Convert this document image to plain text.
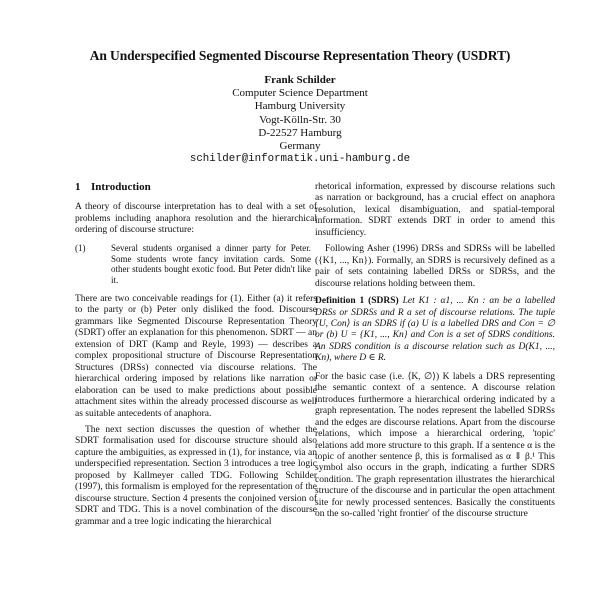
An Underspecified Segmented Discourse Representation Theory (USDRT)
Frank Schilder
Computer Science Department
Hamburg University
Vogt-Kölln-Str. 30
D-22527 Hamburg
Germany
schilder@informatik.uni-hamburg.de
1 Introduction

A theory of discourse interpretation has to deal with a set of problems including anaphora resolution and the hierarchical ordering of discourse structure:

(1)	Several students organised a dinner party for Peter. Some students wrote fancy invitation cards. Some other students bought exotic food. But Peter didn't like it.

There are two conceivable readings for (1). Either (a) it refers to the party or (b) Peter only disliked the food. Discourse grammars like Segmented Discourse Representation Theory (SDRT) offer an explanation for this phenomenon. SDRT — an extension of DRT (Kamp and Reyle, 1993) — describes a complex propositional structure of Discourse Representation Structures (DRSs) connected via discourse relations. The hierarchical ordering imposed by relations like narration or elaboration can be used to make predictions about possible attachment sites within the already processed discourse as well as suitable antecedents of anaphora.

The next section discusses the question of whether the SDRT formalisation used for discourse structure should also capture the ambiguities, as expressed in (1), for instance, via an underspecified representation. Section 3 introduces a tree logic proposed by Kallmeyer called TDG. Following Schilder (1997), this formalism is employed for the representation of the discourse structure. Section 4 presents the conjoined version of SDRT and TDG. This is a novel combination of the discourse grammar and a tree logic indicating the hierarchical

rhetorical information, expressed by discourse relations such as narration or background, has a crucial effect on anaphora resolution, lexical disambiguation, and spatial-temporal information. SDRT extends DRT in order to amend this insufficiency.

Following Asher (1996) DRSs and SDRSs will be labelled ({K1, ..., Kn}). Formally, an SDRS is recursively defined as a pair of sets containing labelled DRSs or SDRSs, and the discourse relations holding between them.

Definition 1 (SDRS) Let K1 : α1, ... Kn : αn be a labelled DRSs or SDRSs and R a set of discourse relations. The tuple ⟨U, Con⟩ is an SDRS if (a) U is a labelled DRS and Con = ∅ or (b) U = {K1, ..., Kn} and Con is a set of SDRS conditions. An SDRS condition is a discourse relation such as D(K1, ..., Kn), where D ∈ R.

For the basic case (i.e. ⟨K, ∅⟩) K labels a DRS representing the semantic context of a sentence. A discourse relation introduces furthermore a hierarchical ordering indicated by a graph representation. The nodes represent the labelled SDRSs and the edges are discourse relations. Apart from the discourse relations, which impose a hierarchical ordering, 'topic' relations add more structure to this graph. If a sentence α is the topic of another sentence β, this is formalised as α ⇓ β.¹ This symbol also occurs in the graph, indicating a further SDRS condition. The graph representation illustrates the hierarchical structure of the discourse and in particular the open attachment site for newly processed sentences. Basically the constituents on the so-called 'right frontier' of the discourse structure
